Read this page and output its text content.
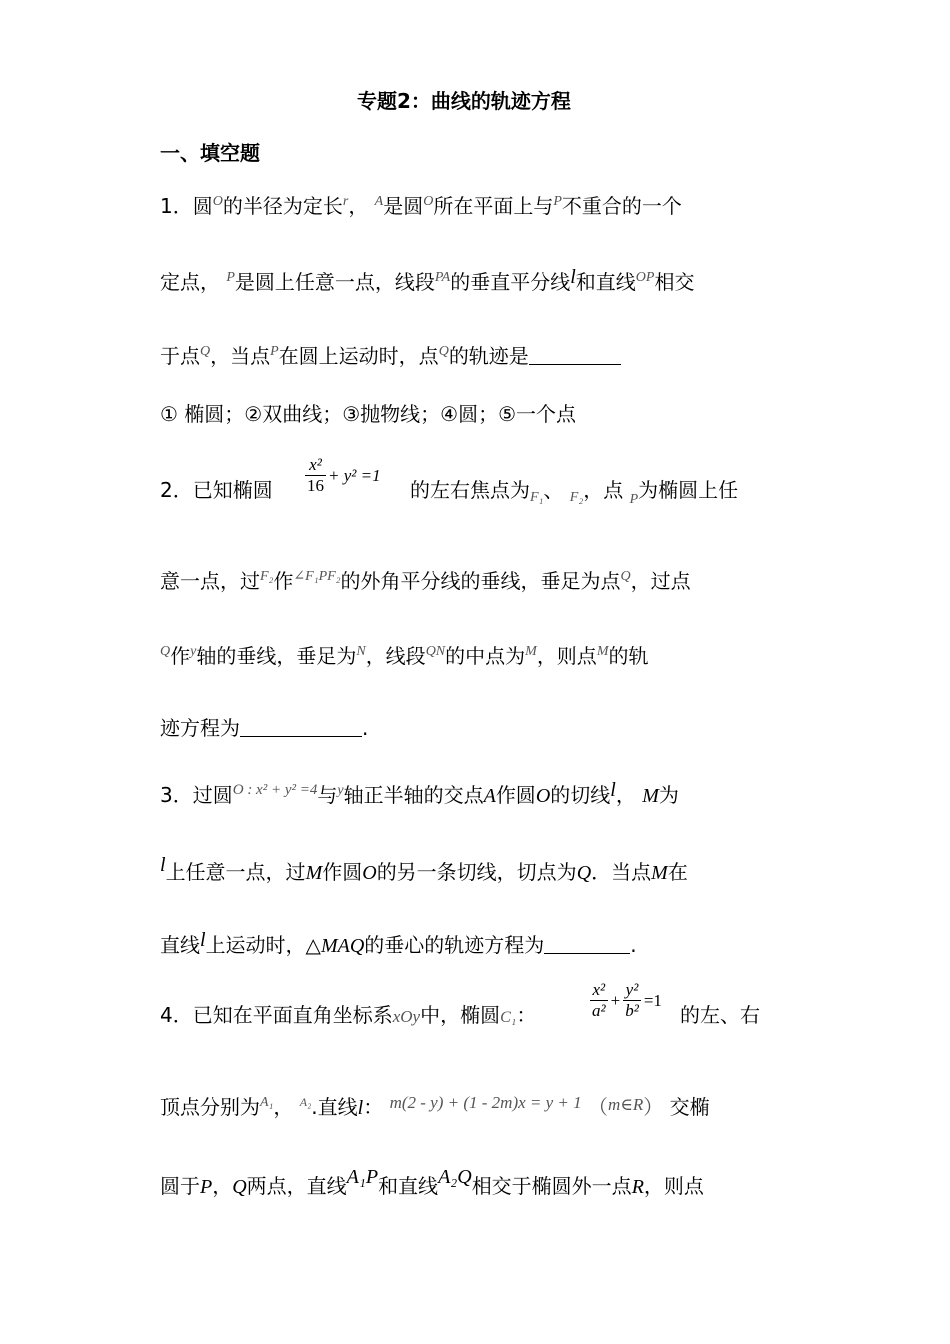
专题2：曲线的轨迹方程
一、填空题
1．圆$^O$的半径为定长$^r$， $^A$是圆$^O$所在平面上与$^P$不重合的一个
定点， $^P$是圆上任意一点，线段$^{PA}$的垂直平分线l和直线$^{OP}$相交
于点$^Q$，当点$^P$在圆上运动时，点$^Q$的轨迹是
① 椭圆；②双曲线；③抛物线；④圆；⑤一个点
2．已知椭圆 $\frac{\text{x²}}{16} + y^2 =1$
的左右焦点为$_{F_1}$、 $_{F_2}$，点 $_P$为椭圆上任
意一点，过$^{F_2}$作$^{\angle F_1PF_2}$的外角平分线的垂线，垂足为点$^Q$，过点
$^Q$作$^y$轴的垂线，垂足为$^N$，线段$^{QN}$的中点为$^M$，则点$^M$的轨
迹方程为	.
3．过圆$^{O : x^2 + y^2 =4}$与$^y$轴正半轴的交点A作圆O的切线l， M为
l上任意一点，过M作圆O的另一条切线，切点为Q．当点M在
直线l上运动时，△MAQ的垂心的轨迹方程为	.
4．已知在平面直角坐标系xOy中，椭圆C₁：	$\frac{\text{x²}}{\text{a²}} + \frac{\text{y²}}{\text{b²}} =1$
的左、右
顶点分别为$^{A_1}$， $^{A_2}$.直线l： $^{m(2 - y) + (1 - 2m)x = y + 1}$ （$^{m\in R}$） 交椭
圆于P，Q两点，直线A₁P和直线A₂Q相交于椭圆外一点R，则点
